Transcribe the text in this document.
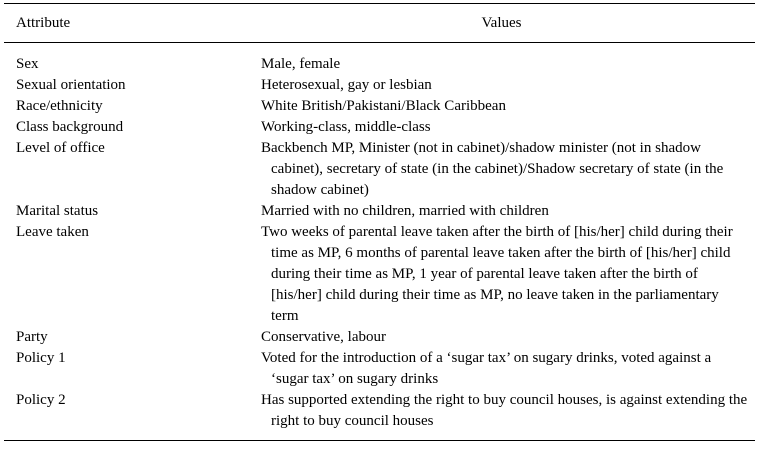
Attribute	Values
Sex	Male, female
Sexual orientation	Heterosexual, gay or lesbian
Race/ethnicity	White British/Pakistani/Black Caribbean
Class background	Working-class, middle-class
Level of office	Backbench MP, Minister (not in cabinet)/shadow minister (not in shadow cabinet), secretary of state (in the cabinet)/Shadow secretary of state (in the shadow cabinet)
Marital status	Married with no children, married with children
Leave taken	Two weeks of parental leave taken after the birth of [his/her] child during their time as MP, 6 months of parental leave taken after the birth of [his/her] child during their time as MP, 1 year of parental leave taken after the birth of [his/her] child during their time as MP, no leave taken in the parliamentary term
Party	Conservative, labour
Policy 1	Voted for the introduction of a ‘sugar tax’ on sugary drinks, voted against a ‘sugar tax’ on sugary drinks
Policy 2	Has supported extending the right to buy council houses, is against extending the right to buy council houses
